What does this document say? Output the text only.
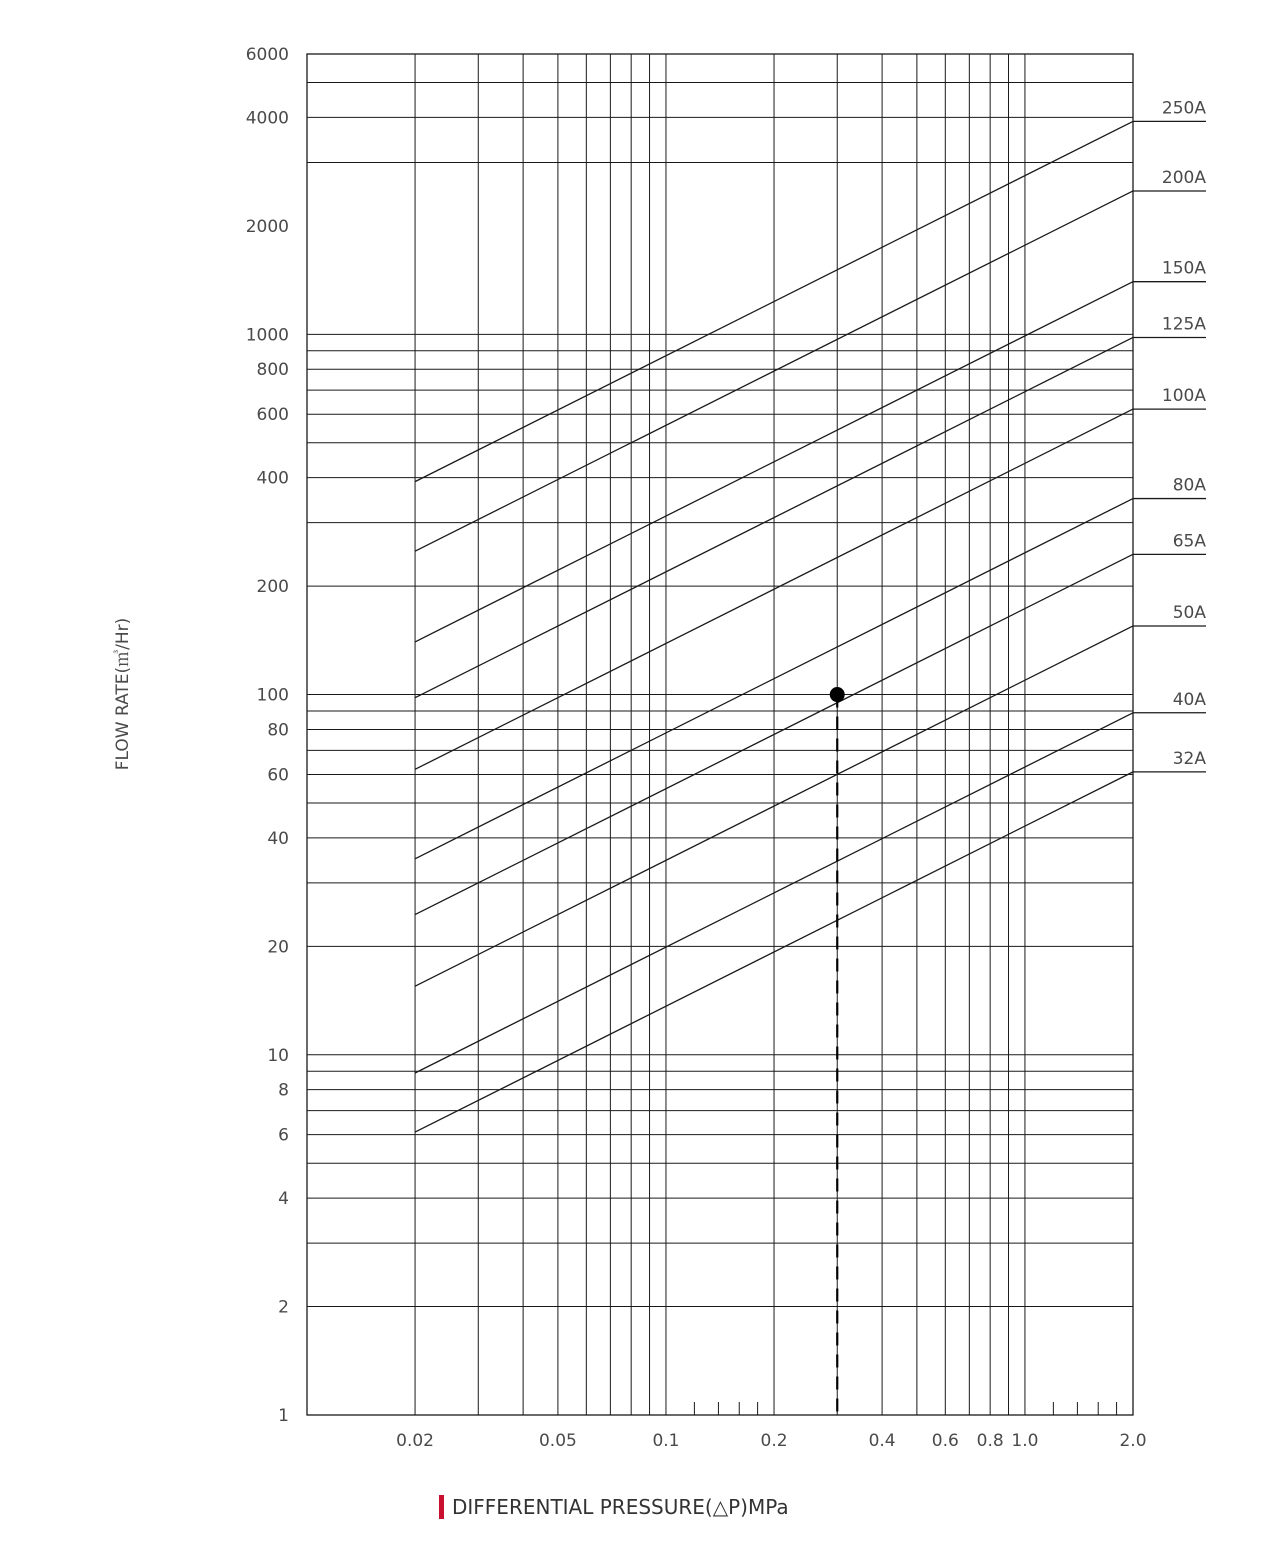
250A
200A
150A
125A
100A
80A
65A
50A
40A
32A
1
2
4
6
8
10
20
40
60
80
100
200
400
600
800
1000
2000
4000
6000
0.02	0.05	0.1	0.2	0.4 0.6 0.8 1.0	2.0
FLOW RATE(㎥/Hr)
DIFFERENTIAL PRESSURE(△P)MPa
